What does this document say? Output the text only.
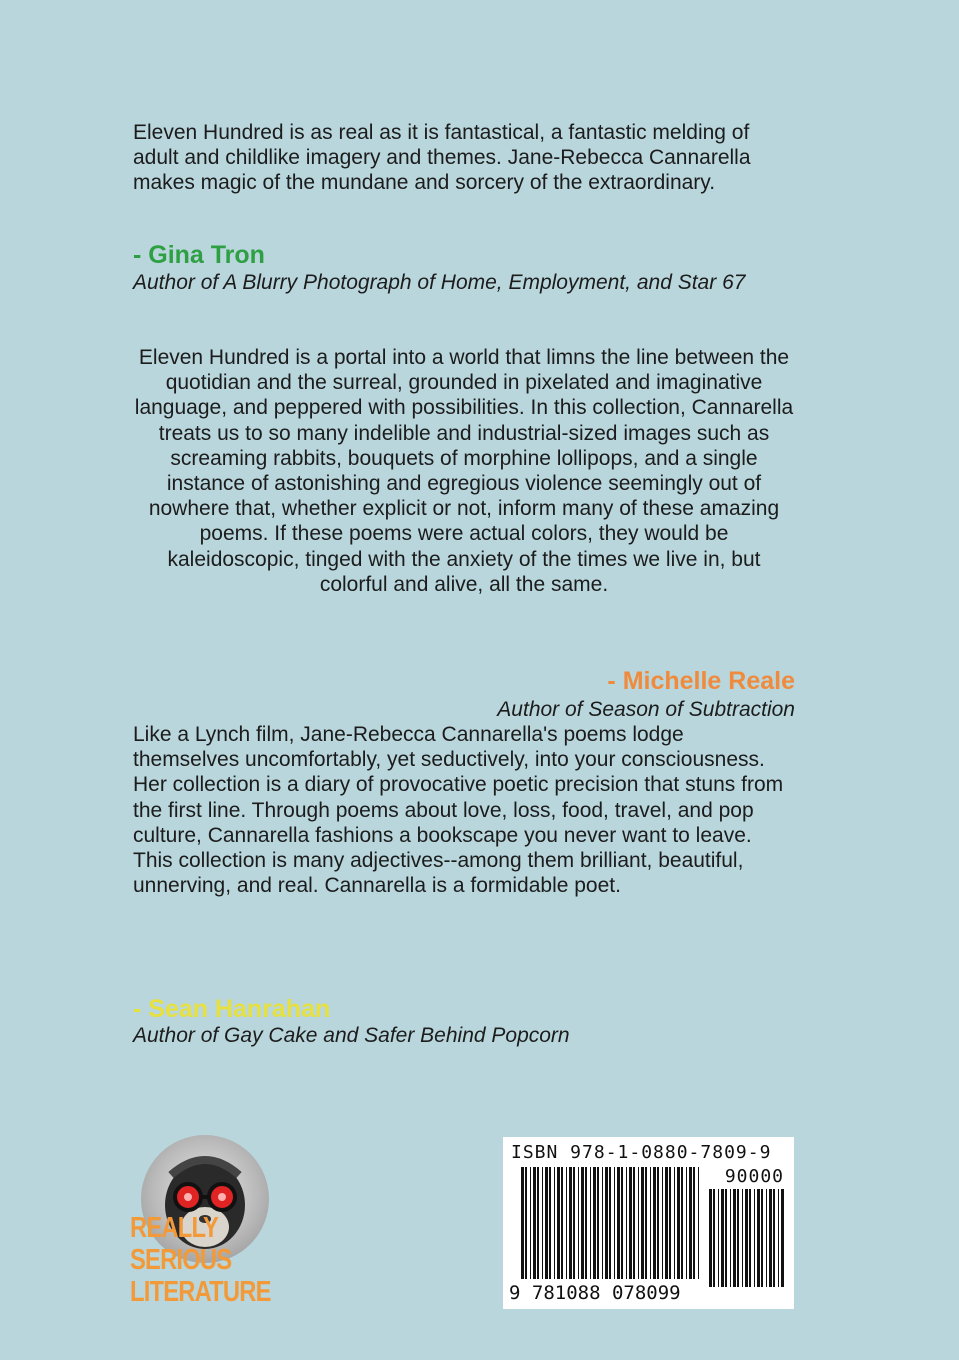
Eleven Hundred is as real as it is fantastical, a fantastic melding of adult and childlike imagery and themes. Jane-Rebecca Cannarella makes magic of the mundane and sorcery of the extraordinary.

- Gina Tron

Author of A Blurry Photograph of Home, Employment, and Star 67

Eleven Hundred is a portal into a world that limns the line between the quotidian and the surreal, grounded in pixelated and imaginative language, and peppered with possibilities. In this collection, Cannarella treats us to so many indelible and industrial-sized images such as screaming rabbits, bouquets of morphine lollipops, and a single instance of astonishing and egregious violence seemingly out of nowhere that, whether explicit or not, inform many of these amazing poems. If these poems were actual colors, they would be kaleidoscopic, tinged with the anxiety of the times we live in, but colorful and alive, all the same.

- Michelle Reale

Author of Season of Subtraction

Like a Lynch film, Jane-Rebecca Cannarella's poems lodge themselves uncomfortably, yet seductively, into your consciousness. Her collection is a diary of provocative poetic precision that stuns from the first line. Through poems about love, loss, food, travel, and pop culture, Cannarella fashions a bookscape you never want to leave. This collection is many adjectives--among them brilliant, beautiful, unnerving, and real. Cannarella is a formidable poet.

- Sean Hanrahan

Author of Gay Cake and Safer Behind Popcorn

REALLY

SERIOUS

LITERATURE

ISBN 978-1-0880-7809-9

90000

9 781088 078099
